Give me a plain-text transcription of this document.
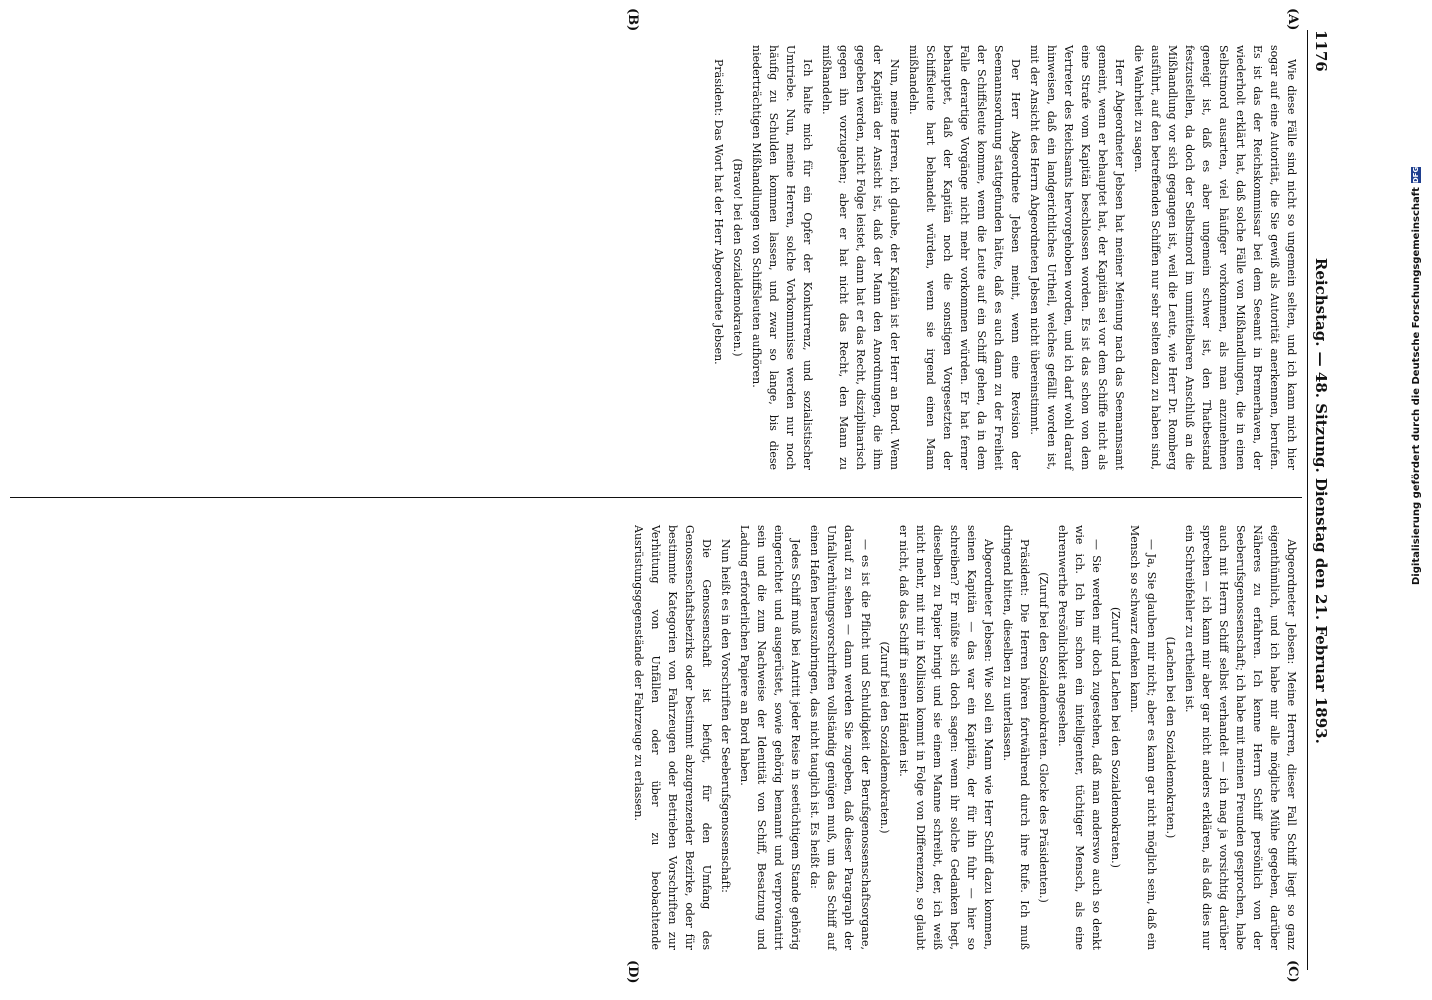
1176
Reichstag. — 48. Sitzung. Dienstag den 21. Februar 1893.
(A)
(B)
(C)
(D)

Wie diese Fälle sind nicht so ungemein selten, und ich kann mich hier sogar auf eine Autorität, die Sie gewiß als Autorität anerkennen, berufen. Es ist das der Reichskommissar bei dem Seeamt in Bremerhaven, der wiederholt erklärt hat, daß solche Fälle von Mißhandlungen, die in einen Selbstmord ausarten, viel häufiger vorkommen, als man anzunehmen geneigt ist, daß es aber ungemein schwer ist, den Thatbestand festzustellen, da doch der Selbstmord im unmittelbaren Anschluß an die Mißhandlung vor sich gegangen ist, weil die Leute, wie Herr Dr. Romberg ausführt, auf den betreffenden Schiffen nur sehr selten dazu zu haben sind, die Wahrheit zu sagen.

Herr Abgeordneter Jebsen hat meiner Meinung nach das Seemannsamt gemeint, wenn er behauptet hat, der Kapitän sei vor dem Schiffe nicht als eine Strafe vom Kapitän beschlossen worden. Es ist das schon von dem Vertreter des Reichsamts hervorgehoben worden, und ich darf wohl darauf hinweisen, daß ein landgerichtliches Urtheil, welches gefällt worden ist, mit der Ansicht des Herrn Abgeordneten Jebsen nicht übereinstimmt.

Der Herr Abgeordnete Jebsen meint, wenn eine Revision der Seemannsordnung stattgefunden hätte, daß es auch dann zu der Freiheit der Schiffsleute komme, wenn die Leute auf ein Schiff gehen, da in dem Falle derartige Vorgänge nicht mehr vorkommen würden. Er hat ferner behauptet, daß der Kapitän noch die sonstigen Vorgesetzten der Schiffsleute hart behandelt würden, wenn sie irgend einen Mann mißhandeln.

Nun, meine Herren, ich glaube, der Kapitän ist der Herr an Bord. Wenn der Kapitän der Ansicht ist, daß der Mann den Anordnungen, die ihm gegeben werden, nicht Folge leistet, dann hat er das Recht, disziplinarisch gegen ihn vorzugehen; aber er hat nicht das Recht, den Mann zu mißhandeln.

Ich halte mich für ein Opfer der Konkurrenz, und sozialistischer Umtriebe. Nun, meine Herren, solche Vorkommnisse werden nur noch häufig zu Schulden kommen lassen, und zwar so lange, bis diese niederträchtigen Mißhandlungen von Schiffsleuten aufhören.

(Bravo! bei den Sozialdemokraten.)

Präsident: Das Wort hat der Herr Abgeordnete Jebsen.

Abgeordneter Jebsen: Meine Herren, dieser Fall Schiff liegt so ganz eigenthümlich, und ich habe mir alle mögliche Mühe gegeben, darüber Näheres zu erfahren. Ich kenne Herrn Schiff persönlich von der Seeberufsgenossenschaft; ich habe mit meinen Freunden gesprochen, habe auch mit Herrn Schiff selbst verhandelt — ich mag ja vorsichtig darüber sprechen — ich kann mir aber gar nicht anders erklären, als daß dies nur ein Schreibfehler zu ertheilen ist.

(Lachen bei den Sozialdemokraten.)

— Ja, Sie glauben mir nicht; aber es kann gar nicht möglich sein, daß ein Mensch so schwarz denken kann.

(Zuruf und Lachen bei den Sozialdemokraten.)

— Sie werden mir doch zugestehen, daß man anderswo auch so denkt wie ich. Ich bin schon ein intelligenter, tüchtiger Mensch, als eine ehrenwerthe Persönlichkeit angesehen.

(Zuruf bei den Sozialdemokraten. Glocke des Präsidenten.)

Präsident: Die Herren hören fortwährend durch ihre Rufe. Ich muß dringend bitten, dieselben zu unterlassen.

Abgeordneter Jebsen: Wie soll ein Mann wie Herr Schiff dazu kommen, seinen Kapitän — das war ein Kapitän, der für ihn fuhr — hier so schreiben? Er müßte sich doch sagen: wenn ihr solche Gedanken hegt, dieselben zu Papier bringt und sie einem Manne schreibt, der, ich weiß nicht mehr, mit mir in Kollision kommt in Folge von Differenzen, so glaubt er nicht, daß das Schiff in seinen Händen ist.

(Zuruf bei den Sozialdemokraten.)

— es ist die Pflicht und Schuldigkeit der Berufsgenossenschaftsorgane, darauf zu sehen — dann werden Sie zugeben, daß dieser Paragraph der Unfallverhütungsvorschriften vollständig genügen muß, um das Schiff auf einen Hafen herauszubringen, das nicht tauglich ist. Es heißt da:

Jedes Schiff muß bei Antritt jeder Reise in seetüchtigem Stande gehörig eingerichtet und ausgerüstet, sowie gehörig bemannt und verproviantirt sein und die zum Nachweise der Identität von Schiff, Besatzung und Ladung erforderlichen Papiere an Bord haben.

Nun heißt es in den Vorschriften der Seeberufsgenossenschaft:

Die Genossenschaft ist befugt, für den Umfang des Genossenschaftsbezirks oder bestimmt abzugrenzender Bezirke, oder für bestimmte Kategorien von Fahrzeugen oder Betrieben Vorschriften zur Verhütung von Unfällen oder über zu beobachtende Ausrüstungsgegenstände der Fahrzeuge zu erlassen.

Digitalisierung gefördert durch die Deutsche Forschungsgemeinschaft
DFG
